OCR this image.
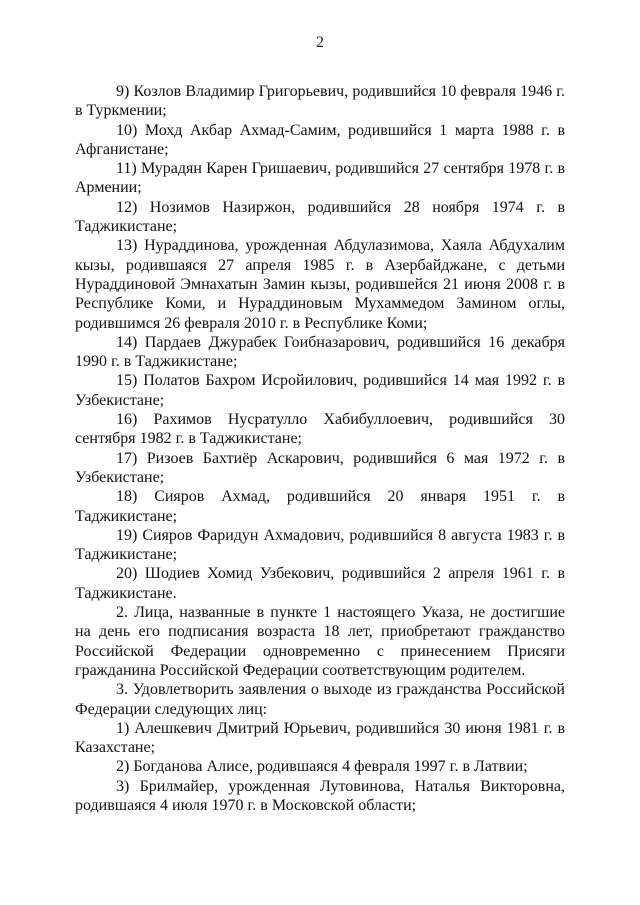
2

9) Козлов Владимир Григорьевич, родившийся 10 февраля 1946 г. в Туркмении;

10) Мохд Акбар Ахмад-Самим, родившийся 1 марта 1988 г. в Афганистане;

11) Мурадян Карен Гришаевич, родившийся 27 сентября 1978 г. в Армении;

12) Нозимов Назиржон, родившийся 28 ноября 1974 г. в Таджикистане;

13) Нураддинова, урожденная Абдулазимова, Хаяла Абдухалим кызы, родившаяся 27 апреля 1985 г. в Азербайджане, с детьми Нураддиновой Эмнахатын Замин кызы, родившейся 21 июня 2008 г. в Республике Коми, и Нураддиновым Мухаммедом Замином оглы, родившимся 26 февраля 2010 г. в Республике Коми;

14) Пардаев Джурабек Гоибназарович, родившийся 16 декабря 1990 г. в Таджикистане;

15) Полатов Бахром Исройилович, родившийся 14 мая 1992 г. в Узбекистане;

16) Рахимов Нусратулло Хабибуллоевич, родившийся 30 сентября 1982 г. в Таджикистане;

17) Ризоев Бахтиёр Аскарович, родившийся 6 мая 1972 г. в Узбекистане;

18) Сияров Ахмад, родившийся 20 января 1951 г. в Таджикистане;

19) Сияров Фаридун Ахмадович, родившийся 8 августа 1983 г. в Таджикистане;

20) Шодиев Хомид Узбекович, родившийся 2 апреля 1961 г. в Таджикистане.

2. Лица, названные в пункте 1 настоящего Указа, не достигшие на день его подписания возраста 18 лет, приобретают гражданство Российской Федерации одновременно с принесением Присяги гражданина Российской Федерации соответствующим родителем.

3. Удовлетворить заявления о выходе из гражданства Российской Федерации следующих лиц:

1) Алешкевич Дмитрий Юрьевич, родившийся 30 июня 1981 г. в Казахстане;

2) Богданова Алисе, родившаяся 4 февраля 1997 г. в Латвии;

3) Брилмайер, урожденная Лутовинова, Наталья Викторовна, родившаяся 4 июля 1970 г. в Московской области;
